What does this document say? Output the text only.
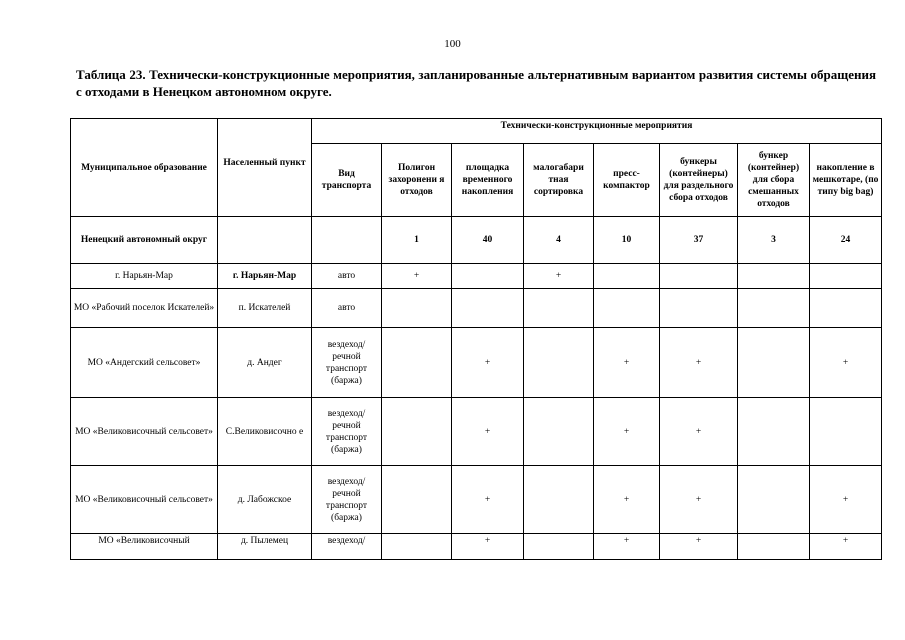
100
Таблица 23. Технически-конструкционные мероприятия, запланированные альтернативным вариантом развития системы обращения с отходами в Ненецком автономном округе.
Муниципальное образование	Населенный пункт	Технически-конструкционные мероприятия							
		Вид транспорта	Полигон захоронени я отходов	площадка временного накопления	малогабари тная сортировка	пресс-компактор	бункеры (контейнеры) для раздельного сбора отходов	бункер (контейнер) для сбора смешанных отходов	накопление в мешкотаре, (по типу big bag)
Ненецкий автономный округ			1	40	4	10	37	3	24
г. Нарьян-Мар	г. Нарьян-Мар	авто	+		+				
МО «Рабочий поселок Искателей»	п. Искателей	авто							
МО «Андегский сельсовет»	д. Андег	вездеход/ речной транспорт (баржа)		+		+	+		+
МО «Великовисочный сельсовет»	С.Великовисочно е	вездеход/ речной транспорт (баржа)		+		+	+		
МО «Великовисочный сельсовет»	д. Лабожское	вездеход/ речной транспорт (баржа)		+		+	+		+
МО «Великовисочный	д. Пылемец	вездеход/		+		+	+		+
